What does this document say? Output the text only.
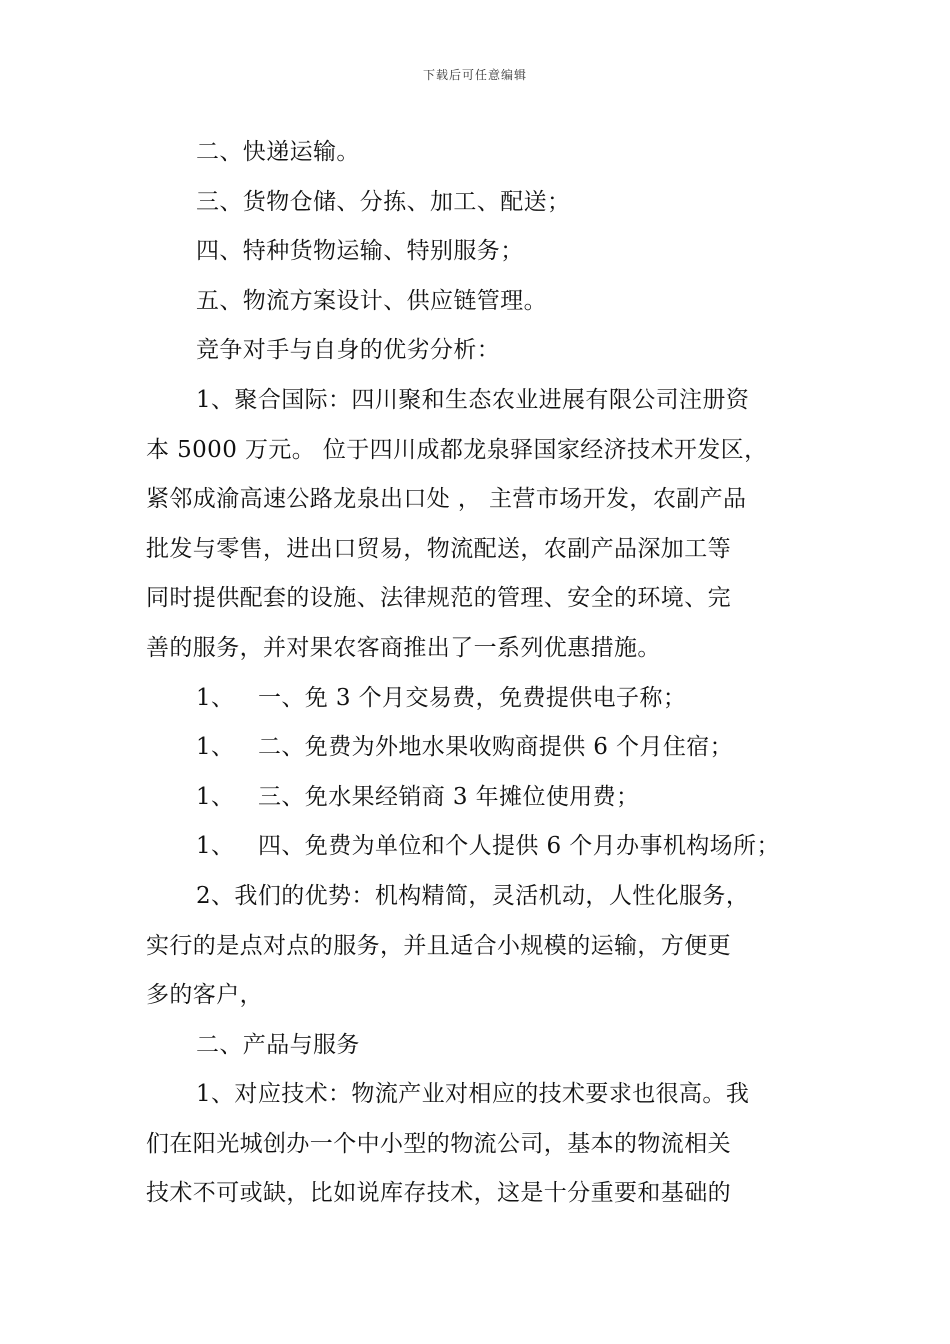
下载后可任意编辑
二、快递运输。
三、货物仓储、分拣、加工、配送；
四、特种货物运输、特别服务；
五、物流方案设计、供应链管理。
竞争对手与自身的优劣分析：
1、聚合国际：四川聚和生态农业进展有限公司注册资
本 5000 万元。 位于四川成都龙泉驿国家经济技术开发区，
紧邻成渝高速公路龙泉出口处 ， 主营市场开发，农副产品
批发与零售，进出口贸易，物流配送，农副产品深加工等
同时提供配套的设施、法律规范的管理、安全的环境、完
善的服务，并对果农客商推出了一系列优惠措施。
1、 一、免 3 个月交易费，免费提供电子称；
1、 二、免费为外地水果收购商提供 6 个月住宿；
1、 三、免水果经销商 3 年摊位使用费；
1、 四、免费为单位和个人提供 6 个月办事机构场所；
2、我们的优势：机构精简，灵活机动，人性化服务，
实行的是点对点的服务，并且适合小规模的运输，方便更
多的客户，
二、产品与服务
1、对应技术：物流产业对相应的技术要求也很高。我
们在阳光城创办一个中小型的物流公司，基本的物流相关
技术不可或缺，比如说库存技术，这是十分重要和基础的
